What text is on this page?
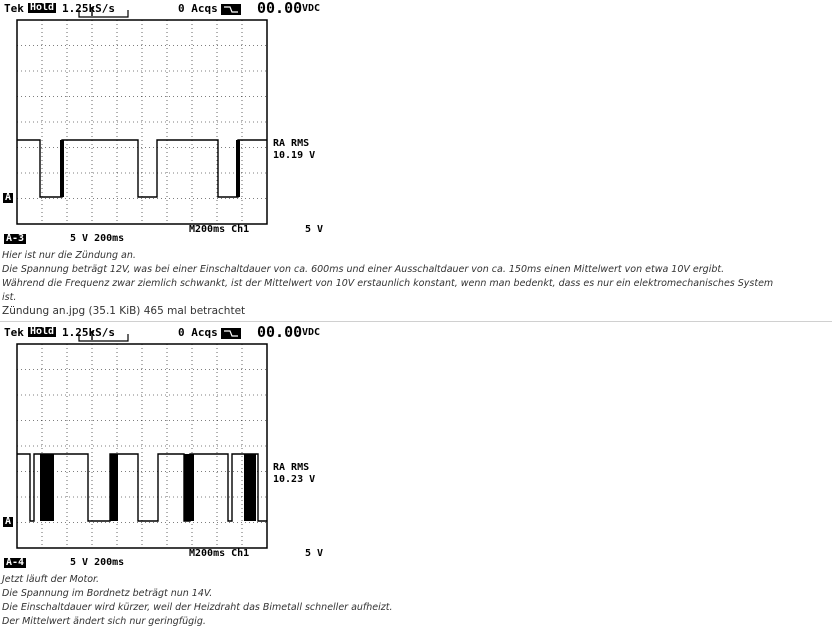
Tek Hold 1.25kS/s	0 Acqs	00.00 VDC
RA RMS
10.19 V
A
M200ms Ch1	5 V
A-3	5 V 200ms
Hier ist nur die Zündung an.
Die Spannung beträgt 12V, was bei einer Einschaltdauer von ca. 600ms und einer Ausschaltdauer von ca. 150ms einen Mittelwert von etwa 10V ergibt.
Während die Frequenz zwar ziemlich schwankt, ist der Mittelwert von 10V erstaunlich konstant, wenn man bedenkt, dass es nur ein elektromechanisches System
ist.
Zündung an.jpg (35.1 KiB) 465 mal betrachtet
Tek Hold 1.25kS/s	0 Acqs	00.00 VDC
RA RMS
10.23 V
A
M200ms Ch1	5 V
A-4	5 V 200ms
Jetzt läuft der Motor.
Die Spannung im Bordnetz beträgt nun 14V.
Die Einschaltdauer wird kürzer, weil der Heizdraht das Bimetall schneller aufheizt.
Der Mittelwert ändert sich nur geringfügig.
